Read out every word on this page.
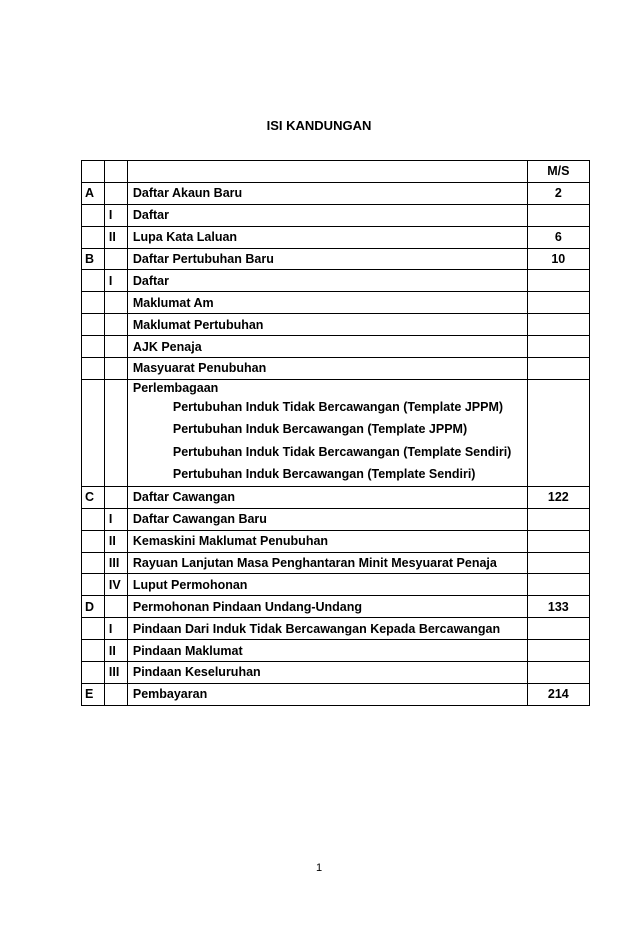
ISI KANDUNGAN
			M/S
A		Daftar Akaun Baru	2
	I	Daftar	
	II	Lupa Kata Laluan	6
B		Daftar Pertubuhan Baru	10
	I	Daftar	
		Maklumat Am	
		Maklumat Pertubuhan	
		AJK Penaja	
		Masyuarat Penubuhan	

		Perlembagaan
Pertubuhan Induk Tidak Bercawangan (Template JPPM)
Pertubuhan Induk Bercawangan (Template JPPM)
Pertubuhan Induk Tidak Bercawangan (Template Sendiri)
Pertubuhan Induk Bercawangan (Template Sendiri)	

C		Daftar Cawangan	122
	I	Daftar Cawangan Baru	
	II	Kemaskini Maklumat Penubuhan	
	III	Rayuan Lanjutan Masa Penghantaran Minit Mesyuarat Penaja	
	IV	Luput Permohonan	
D		Permohonan Pindaan Undang-Undang	133
	I	Pindaan Dari Induk Tidak Bercawangan Kepada Bercawangan	
	II	Pindaan Maklumat	
	III	Pindaan Keseluruhan	
E		Pembayaran	214
1
